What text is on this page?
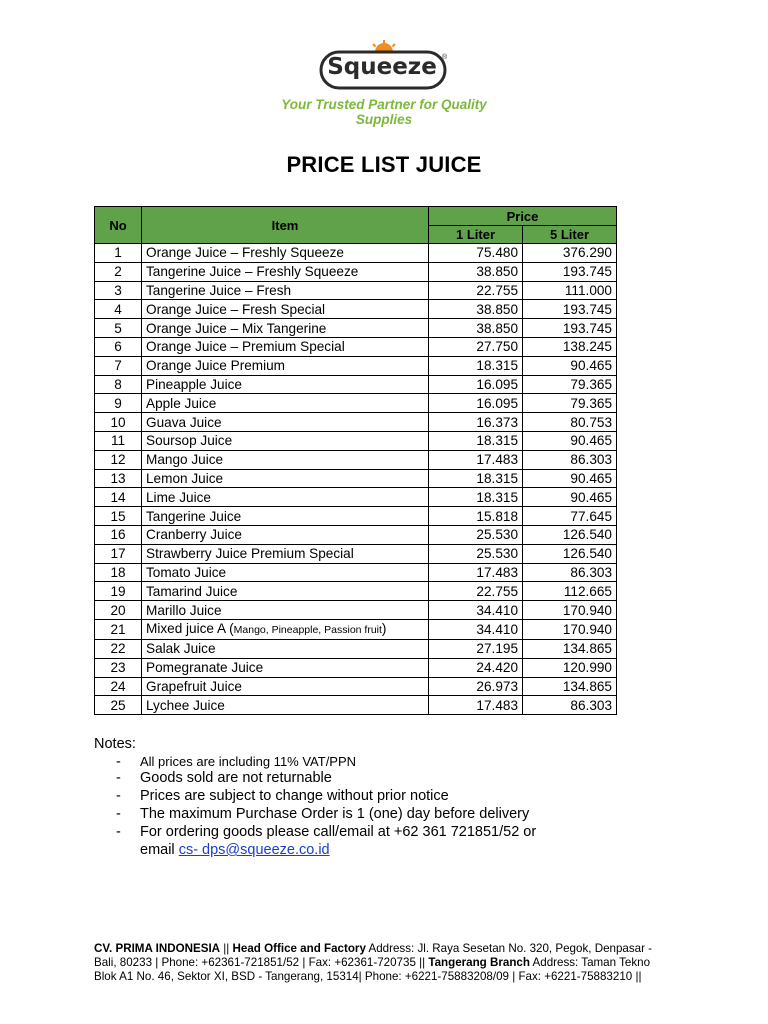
Squeeze ®
Your Trusted Partner for Quality
Supplies
PRICE LIST JUICE
No	Item	Price	
		1 Liter	5 Liter
1	Orange Juice – Freshly Squeeze	75.480	376.290
2	Tangerine Juice – Freshly Squeeze	38.850	193.745
3	Tangerine Juice – Fresh	22.755	111.000
4	Orange Juice – Fresh Special	38.850	193.745
5	Orange Juice – Mix Tangerine	38.850	193.745
6	Orange Juice – Premium Special	27.750	138.245
7	Orange Juice Premium	18.315	90.465
8	Pineapple Juice	16.095	79.365
9	Apple Juice	16.095	79.365
10	Guava Juice	16.373	80.753
11	Soursop Juice	18.315	90.465
12	Mango Juice	17.483	86.303
13	Lemon Juice	18.315	90.465
14	Lime Juice	18.315	90.465
15	Tangerine Juice	15.818	77.645
16	Cranberry Juice	25.530	126.540
17	Strawberry Juice Premium Special	25.530	126.540
18	Tomato Juice	17.483	86.303
19	Tamarind Juice	22.755	112.665
20	Marillo Juice	34.410	170.940
21	Mixed juice A (Mango, Pineapple, Passion fruit)	34.410	170.940
22	Salak Juice	27.195	134.865
23	Pomegranate Juice	24.420	120.990
24	Grapefruit Juice	26.973	134.865
25	Lychee Juice	17.483	86.303
Notes:
- All prices are including 11% VAT/PPN
- Goods sold are not returnable
- Prices are subject to change without prior notice
- The maximum Purchase Order is 1 (one) day before delivery
- For ordering goods please call/email at +62 361 721851/52 or
email cs- dps@squeeze.co.id
CV. PRIMA INDONESIA || Head Office and Factory Address: Jl. Raya Sesetan No. 320, Pegok, Denpasar - Bali, 80233 | Phone: +62361-721851/52 | Fax: +62361-720735 || Tangerang Branch Address: Taman Tekno Blok A1 No. 46, Sektor XI, BSD - Tangerang, 15314| Phone: +6221-75883208/09 | Fax: +6221-75883210 ||
